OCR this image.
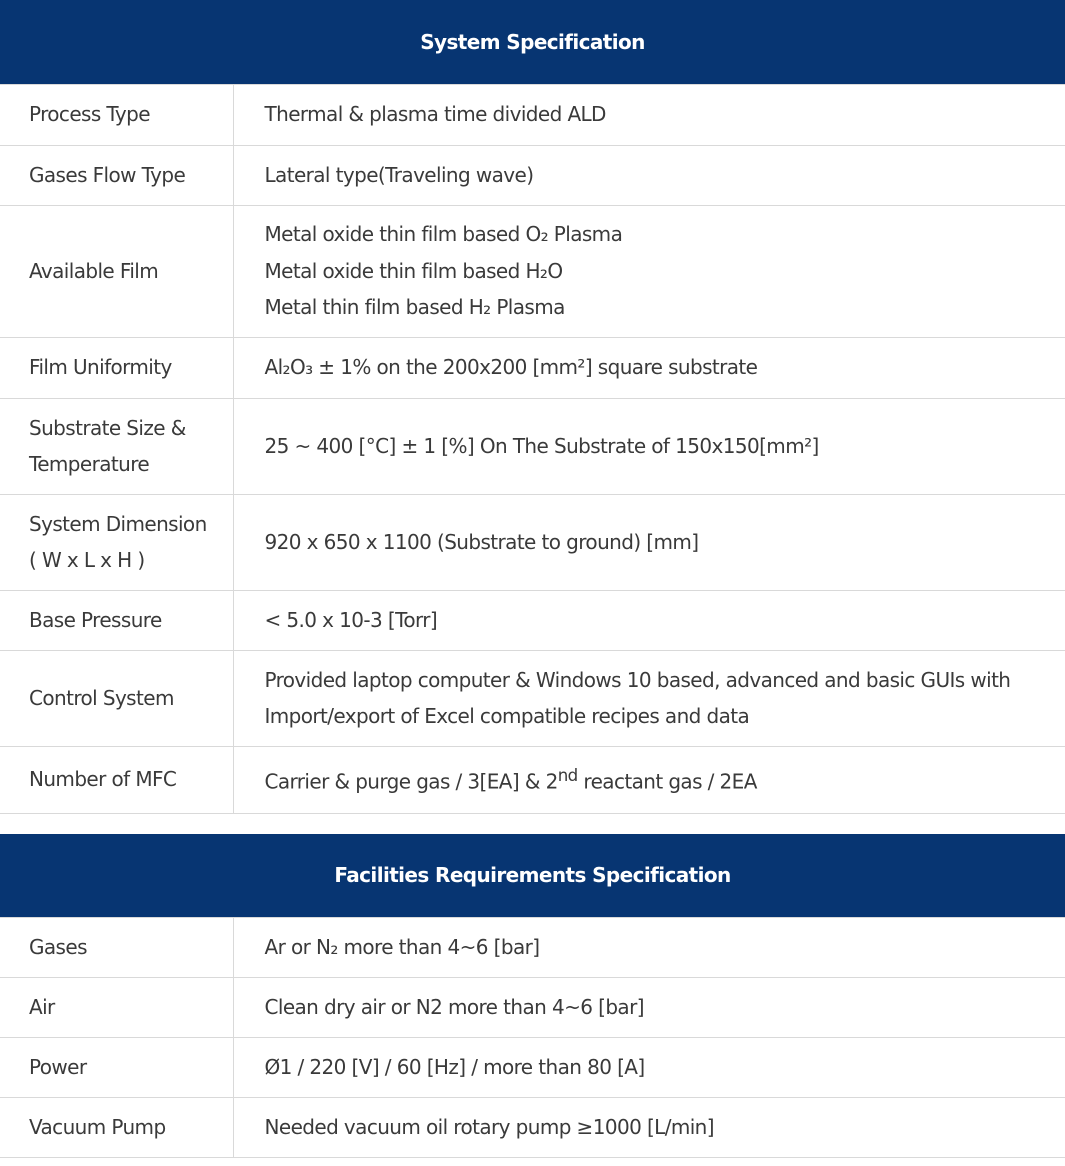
System Specification	
Process Type	Thermal & plasma time divided ALD
Gases Flow Type	Lateral type(Traveling wave)
Available Film	Metal oxide thin film based O₂ Plasma
Metal oxide thin film based H₂O
Metal thin film based H₂ Plasma

Film Uniformity	Al₂O₃ ± 1% on the 200x200 [mm²] square substrate

Substrate Size &
Temperature	25 ~ 400 [°C] ± 1 [%] On The Substrate of 150x150[mm²]

System Dimension
( W x L x H )	920 x 650 x 1100 (Substrate to ground) [mm]
Base Pressure	< 5.0 x 10-3 [Torr]
Control System	Provided laptop computer & Windows 10 based, advanced and basic GUIs with
Import/export of Excel compatible recipes and data

Number of MFC	Carrier & purge gas / 3[EA] & 2nd reactant gas / 2EA
Facilities Requirements Specification	
Gases	Ar or N₂ more than 4~6 [bar]
Air	Clean dry air or N2 more than 4~6 [bar]
Power	Ø1 / 220 [V] / 60 [Hz] / more than 80 [A]
Vacuum Pump	Needed vacuum oil rotary pump ≥1000 [L/min]
